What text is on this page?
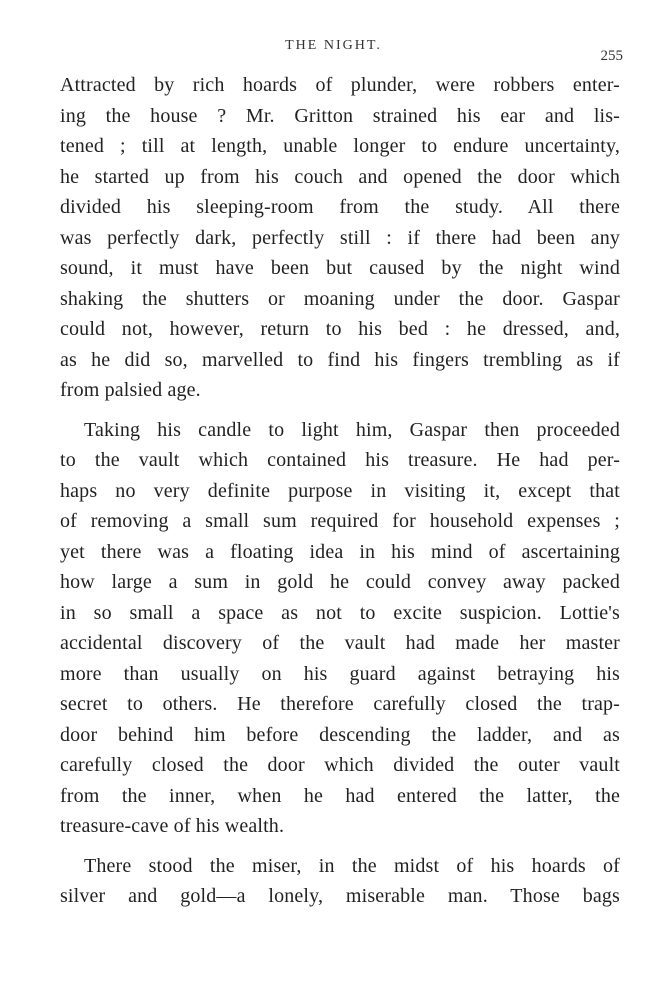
THE NIGHT.
255
Attracted by rich hoards of plunder, were robbers enter-
ing the house ? Mr. Gritton strained his ear and lis-
tened ; till at length, unable longer to endure uncertainty,
he started up from his couch and opened the door which
divided his sleeping-room from the study. All there
was perfectly dark, perfectly still : if there had been any
sound, it must have been but caused by the night wind
shaking the shutters or moaning under the door. Gaspar
could not, however, return to his bed : he dressed, and,
as he did so, marvelled to find his fingers trembling as if
from palsied age.
Taking his candle to light him, Gaspar then proceeded
to the vault which contained his treasure. He had per-
haps no very definite purpose in visiting it, except that
of removing a small sum required for household expenses ;
yet there was a floating idea in his mind of ascertaining
how large a sum in gold he could convey away packed
in so small a space as not to excite suspicion. Lottie's
accidental discovery of the vault had made her master
more than usually on his guard against betraying his
secret to others. He therefore carefully closed the trap-
door behind him before descending the ladder, and as
carefully closed the door which divided the outer vault
from the inner, when he had entered the latter, the
treasure-cave of his wealth.
There stood the miser, in the midst of his hoards of
silver and gold—a lonely, miserable man. Those bags
